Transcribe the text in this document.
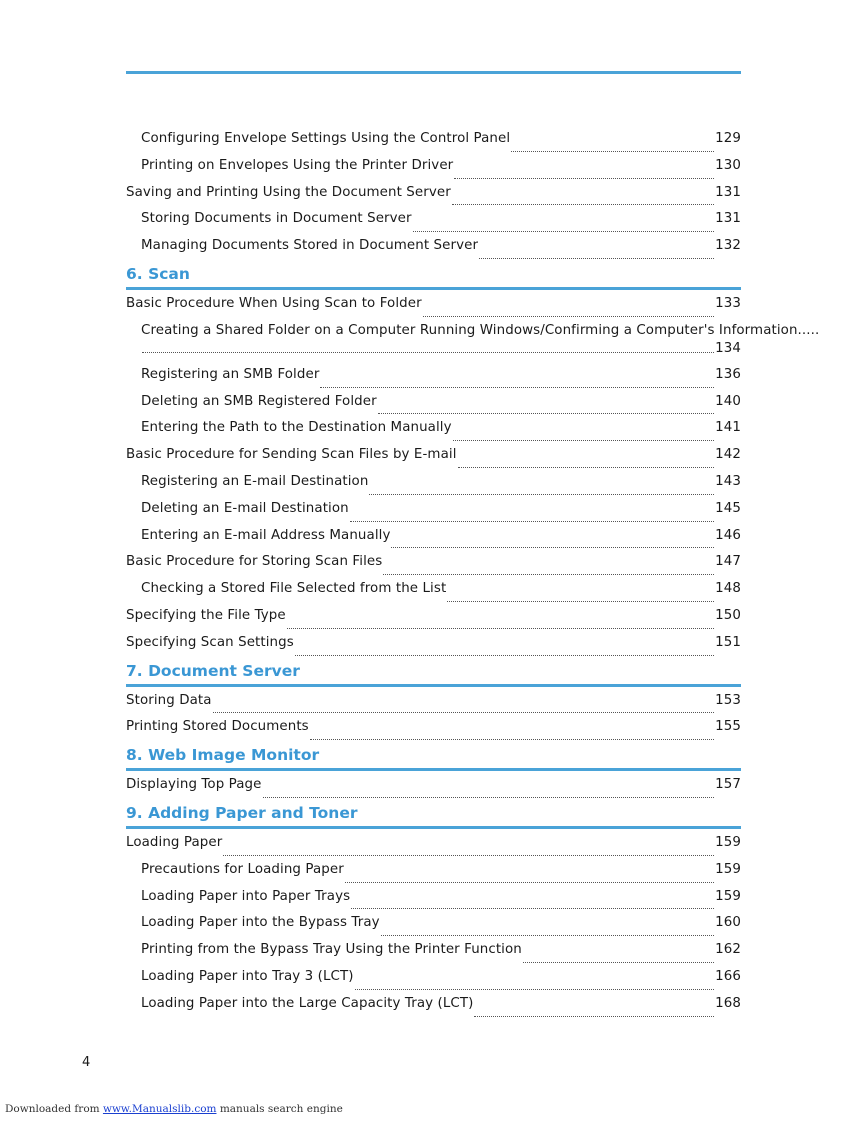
Configuring Envelope Settings Using the Control Panel	129
Printing on Envelopes Using the Printer Driver	130
Saving and Printing Using the Document Server	131
Storing Documents in Document Server	131
Managing Documents Stored in Document Server	132
6. Scan
Basic Procedure When Using Scan to Folder	133
Creating a Shared Folder on a Computer Running Windows/Confirming a Computer's Information.....
134
Registering an SMB Folder	136
Deleting an SMB Registered Folder	140
Entering the Path to the Destination Manually	141
Basic Procedure for Sending Scan Files by E-mail	142
Registering an E-mail Destination	143
Deleting an E-mail Destination	145
Entering an E-mail Address Manually	146
Basic Procedure for Storing Scan Files	147
Checking a Stored File Selected from the List	148
Specifying the File Type	150
Specifying Scan Settings	151
7. Document Server
Storing Data	153
Printing Stored Documents	155
8. Web Image Monitor
Displaying Top Page	157
9. Adding Paper and Toner
Loading Paper	159
Precautions for Loading Paper	159
Loading Paper into Paper Trays	159
Loading Paper into the Bypass Tray	160
Printing from the Bypass Tray Using the Printer Function	162
Loading Paper into Tray 3 (LCT)	166
Loading Paper into the Large Capacity Tray (LCT)	168
4
Downloaded from www.Manualslib.com manuals search engine
